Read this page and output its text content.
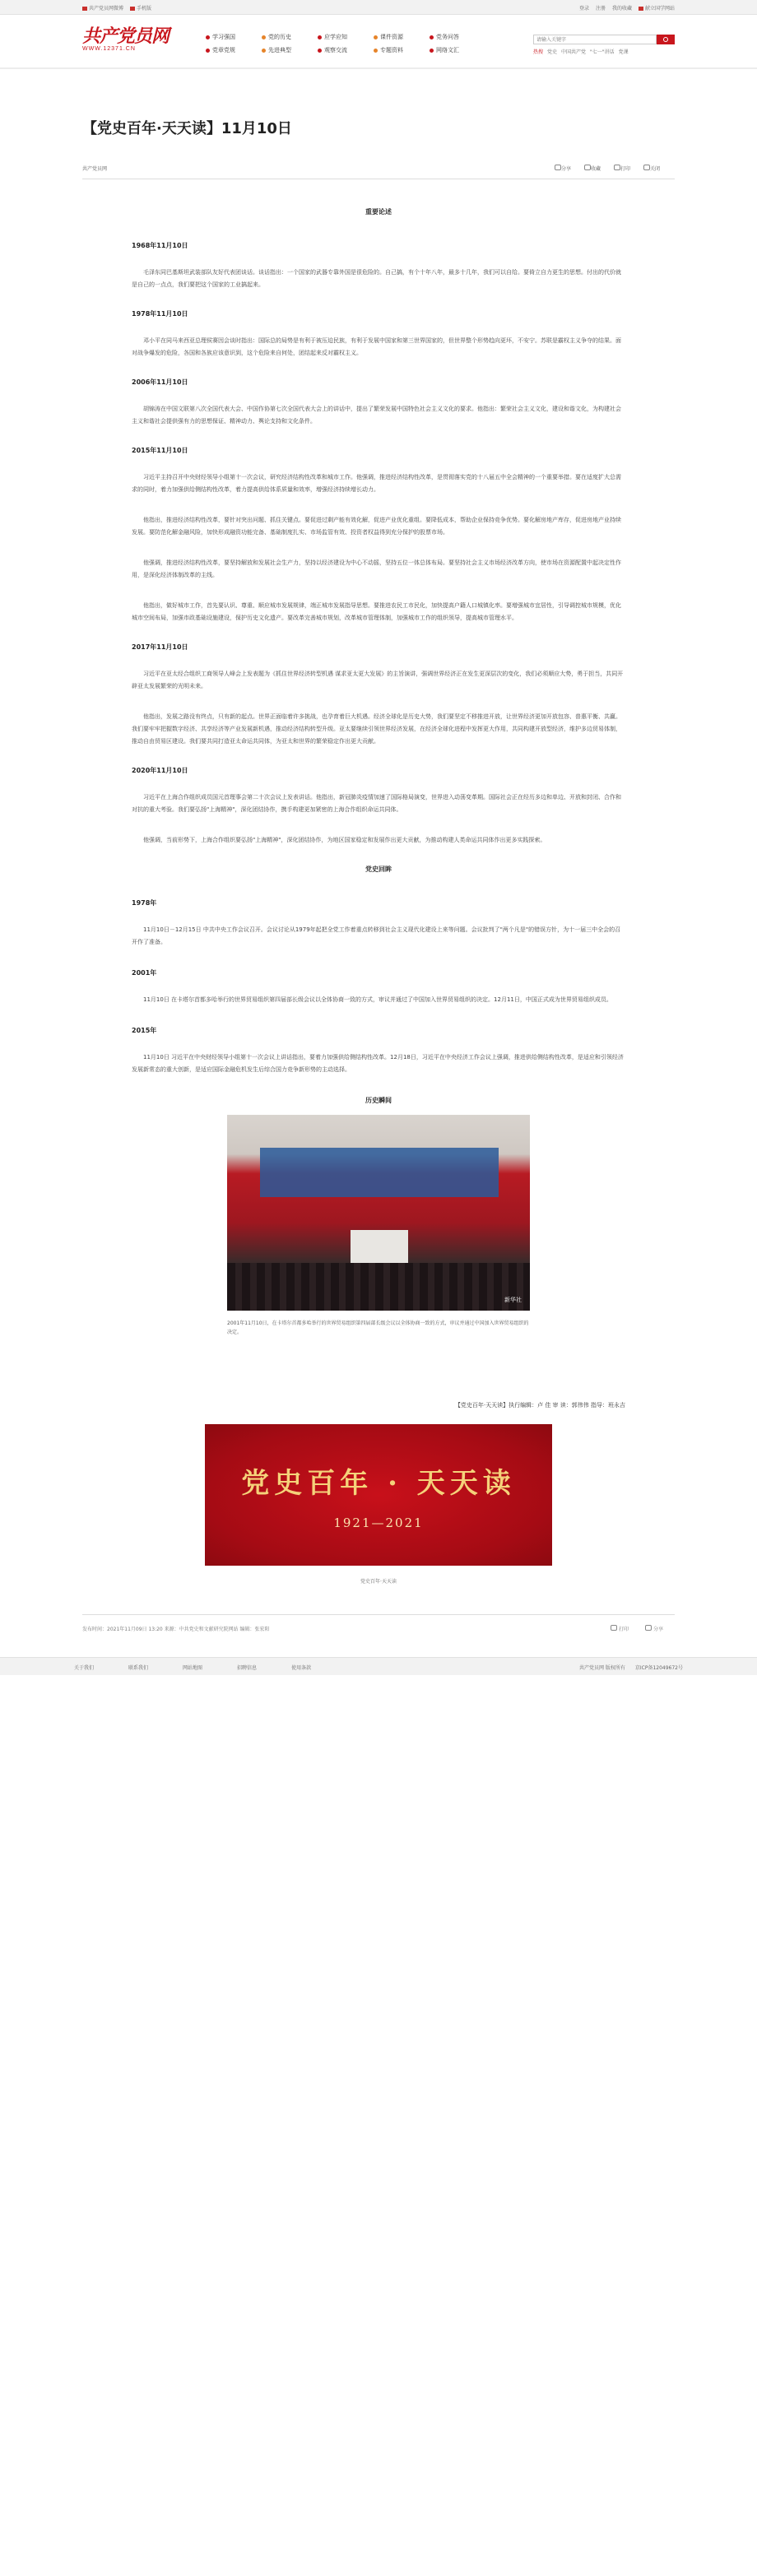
共产党员网微博	手机版	登录 注册 我的收藏	献立国学网站
共产党员网
WWW.12371.CN
学习强国	党的历史	应学应知	课件资源	党务问答
党章党规	先进典型	观察交流	专题资料	网络文汇
请输入关键字	热搜 党史 中国共产党 "七一"讲话 党课
【党史百年·天天读】11月10日
共产党员网	分享	收藏	打印	关闭
重要论述
1968年11月10日

毛泽东同巴基斯坦武装部队友好代表团谈话。谈话指出：一个国家的武器专靠外国是很危险的。自己搞，有个十年八年，最多十几年，我们可以自给。要倚立自力更生的思想。付出的代价就是自己的一点点，我们要把这个国家的工业搞起来。

1978年11月10日

邓小平在同马来西亚总理侯赛因会谈时指出：国际总的局势是有利于被压迫民族，有利于发展中国家和第三世界国家的，但世界整个形势趋向更坏，不安宁。苏联是霸权主义争夺的结果。面对战争爆发的危险，各国和各族应该意识到，这个危险来自何处，团结起来反对霸权主义。

2006年11月10日

胡锦涛在中国文联第八次全国代表大会、中国作协第七次全国代表大会上的讲话中，提出了繁荣发展中国特色社会主义文化的要求。他指出：繁荣社会主义文化，建设和谐文化，为构建社会主义和谐社会提供强有力的思想保证、精神动力、舆论支持和文化条件。

2015年11月10日

习近平主持召开中央财经领导小组第十一次会议，研究经济结构性改革和城市工作。他强调，推进经济结构性改革，是贯彻落实党的十八届五中全会精神的一个重要举措。要在适度扩大总需求的同时，着力加强供给侧结构性改革，着力提高供给体系质量和效率，增强经济持续增长动力。

他指出，推进经济结构性改革，要针对突出问题、抓住关键点。要促进过剩产能有效化解，促进产业优化重组。要降低成本，帮助企业保持竞争优势。要化解房地产库存，促进房地产业持续发展。要防范化解金融风险，加快形成融资功能完备、基础制度扎实、市场监管有效、投资者权益得到充分保护的股票市场。

他强调，推进经济结构性改革，要坚持解放和发展社会生产力，坚持以经济建设为中心不动摇，坚持五位一体总体布局。要坚持社会主义市场经济改革方向，使市场在资源配置中起决定性作用，是深化经济体制改革的主线。

他指出，做好城市工作，首先要认识、尊重、顺应城市发展规律，端正城市发展指导思想。要推进农民工市民化，加快提高户籍人口城镇化率。要增强城市宜居性，引导调控城市规模，优化城市空间布局，加强市政基础设施建设，保护历史文化遗产。要改革完善城市规划，改革城市管理体制，加强城市工作的组织领导，提高城市管理水平。

2017年11月10日

习近平在亚太经合组织工商领导人峰会上发表题为《抓住世界经济转型机遇 谋求亚太更大发展》的主旨演讲，强调世界经济正在发生更深层次的变化，我们必须顺应大势，勇于担当，共同开辟亚太发展繁荣的光明未来。

他指出，发展之路没有终点，只有新的起点。世界正面临着许多挑战，也孕育着巨大机遇。经济全球化是历史大势，我们要坚定不移推进开放，让世界经济更加开放包容、普惠平衡、共赢。我们要牢牢把握数字经济、共享经济等产业发展新机遇，推动经济结构转型升级。亚太要继续引领世界经济发展，在经济全球化进程中发挥更大作用，共同构建开放型经济，维护多边贸易体制，推动自由贸易区建设。我们要共同打造亚太命运共同体，为亚太和世界的繁荣稳定作出更大贡献。

2020年11月10日

习近平在上海合作组织成员国元首理事会第二十次会议上发表讲话。他指出，新冠肺炎疫情加速了国际格局演变，世界进入动荡变革期。国际社会正在经历多边和单边、开放和封闭、合作和对抗的重大考验。我们要弘扬"上海精神"，深化团结协作，携手构建更加紧密的上海合作组织命运共同体。

他强调，当前形势下，上海合作组织要弘扬"上海精神"，深化团结协作，为地区国家稳定和发展作出更大贡献，为推动构建人类命运共同体作出更多实践探索。

党史回眸
1978年

11月10日－12月15日 中共中央工作会议召开。会议讨论从1979年起把全党工作着重点转移到社会主义现代化建设上来等问题。会议批判了"两个凡是"的错误方针，为十一届三中全会的召开作了准备。

2001年

11月10日 在卡塔尔首都多哈举行的世界贸易组织第四届部长级会议以全体协商一致的方式，审议并通过了中国加入世界贸易组织的决定。12月11日，中国正式成为世界贸易组织成员。

2015年

11月10日 习近平在中央财经领导小组第十一次会议上讲话指出，要着力加强供给侧结构性改革。12月18日，习近平在中央经济工作会议上强调，推进供给侧结构性改革，是适应和引领经济发展新常态的重大创新，是适应国际金融危机发生后综合国力竞争新形势的主动选择。

历史瞬间
新华社
2001年11月10日，在卡塔尔首都多哈举行的世界贸易组织第四届部长级会议以全体协商一致的方式，审议并通过中国加入世界贸易组织的决定。
【党史百年·天天读】执行编辑：卢 佳 审 读：郭伟伟 指导：班永吉
党史百年 · 天天读
1921—2021
党史百年·天天读
发布时间：2021年11月09日 13:20 来源：中共党史和文献研究院网站 编辑：张宏阳	打印	分享
关于我们	联系我们	网站地图	招聘信息	使用条款	共产党员网 版权所有 京ICP备12049672号
